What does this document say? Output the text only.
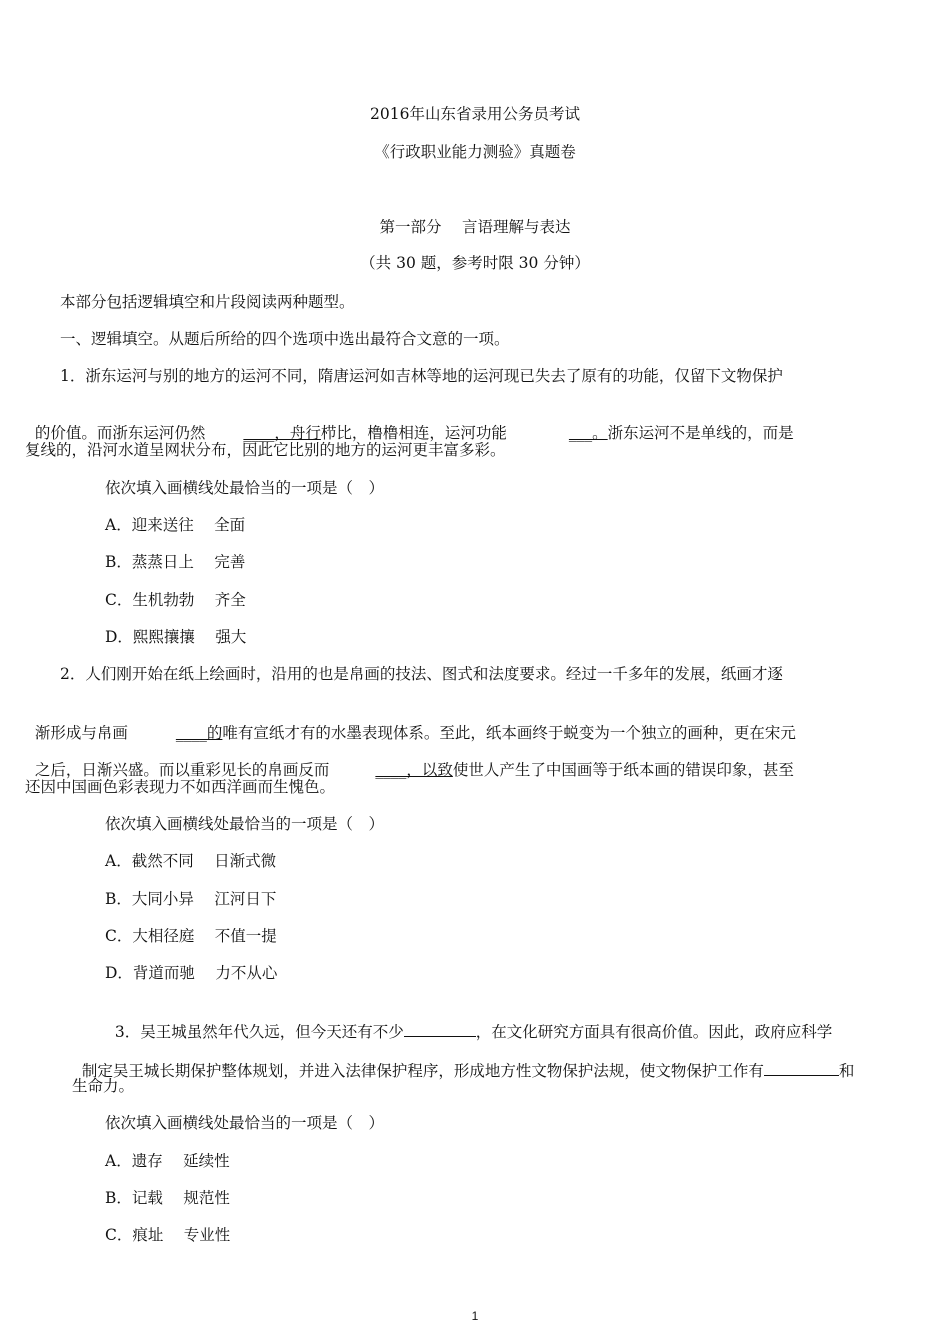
2016年山东省录用公务员考试
《行政职业能力测验》真题卷
第一部分　 言语理解与表达
（共 30 题，参考时限 30 分钟）
本部分包括逻辑填空和片段阅读两种题型。
一、逻辑填空。从题后所给的四个选项中选出最符合文意的一项。
1．浙东运河与别的地方的运河不同，隋唐运河如吉林等地的运河现已失去了原有的功能，仅留下文物保护

的价值。而浙东运河仍然 ____，舟行栉比，橹橹相连，运河功能	___。浙东运河不是单线的，而是

复线的，沿河水道呈网状分布，因此它比别的地方的运河更丰富多彩。
依次填入画横线处最恰当的一项是（　）
A．迎来送往　 全面
B．蒸蒸日上　 完善
C．生机勃勃　 齐全
D．熙熙攘攘　 强大
2．人们刚开始在纸上绘画时，沿用的也是帛画的技法、图式和法度要求。经过一千多年的发展，纸画才逐

渐形成与帛画	____的唯有宣纸才有的水墨表现体系。至此，纸本画终于蜕变为一个独立的画种，更在宋元

之后，日渐兴盛。而以重彩见长的帛画反而	____，以致使世人产生了中国画等于纸本画的错误印象，甚至

还因中国画色彩表现力不如西洋画而生愧色。
依次填入画横线处最恰当的一项是（　）
A．截然不同　 日渐式微
B．大同小异　 江河日下
C．大相径庭　 不值一提
D．背道而驰　 力不从心

3．吴王城虽然年代久远，但今天还有不少	，在文化研究方面具有很高价值。因此，政府应科学

制定吴王城长期保护整体规划，并进入法律保护程序，形成地方性文物保护法规，使文物保护工作有	和

生命力。
依次填入画横线处最恰当的一项是（　）
A．遗存　 延续性
B．记载　 规范性
C．痕址　 专业性
1
